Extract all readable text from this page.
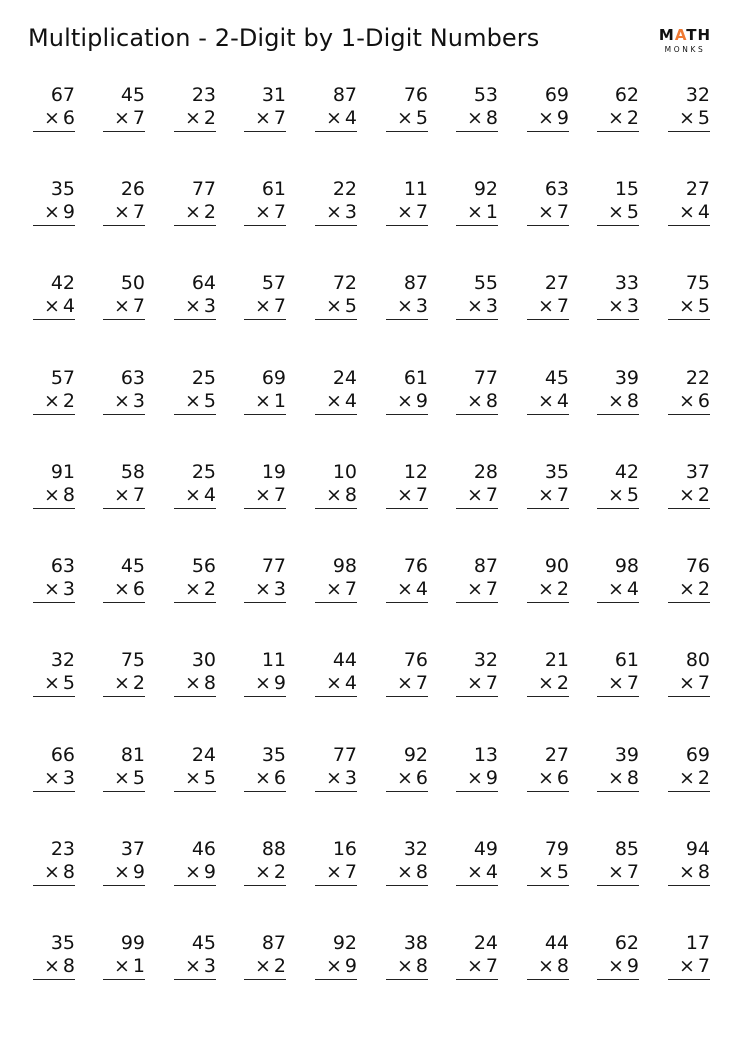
Multiplication - 2-Digit by 1-Digit Numbers	MATH
MONKS
67
× 6
45
× 7
23
× 2
31
× 7
87
× 4
76
× 5
53
× 8
69
× 9
62
× 2
32
× 5
35
× 9
26
× 7
77
× 2
61
× 7
22
× 3
11
× 7
92
× 1
63
× 7
15
× 5
27
× 4
42
× 4
50
× 7
64
× 3
57
× 7
72
× 5
87
× 3
55
× 3
27
× 7
33
× 3
75
× 5
57
× 2
63
× 3
25
× 5
69
× 1
24
× 4
61
× 9
77
× 8
45
× 4
39
× 8
22
× 6
91
× 8
58
× 7
25
× 4
19
× 7
10
× 8
12
× 7
28
× 7
35
× 7
42
× 5
37
× 2
63
× 3
45
× 6
56
× 2
77
× 3
98
× 7
76
× 4
87
× 7
90
× 2
98
× 4
76
× 2
32
× 5
75
× 2
30
× 8
11
× 9
44
× 4
76
× 7
32
× 7
21
× 2
61
× 7
80
× 7
66
× 3
81
× 5
24
× 5
35
× 6
77
× 3
92
× 6
13
× 9
27
× 6
39
× 8
69
× 2
23
× 8
37
× 9
46
× 9
88
× 2
16
× 7
32
× 8
49
× 4
79
× 5
85
× 7
94
× 8
35
× 8
99
× 1
45
× 3
87
× 2
92
× 9
38
× 8
24
× 7
44
× 8
62
× 9
17
× 7
